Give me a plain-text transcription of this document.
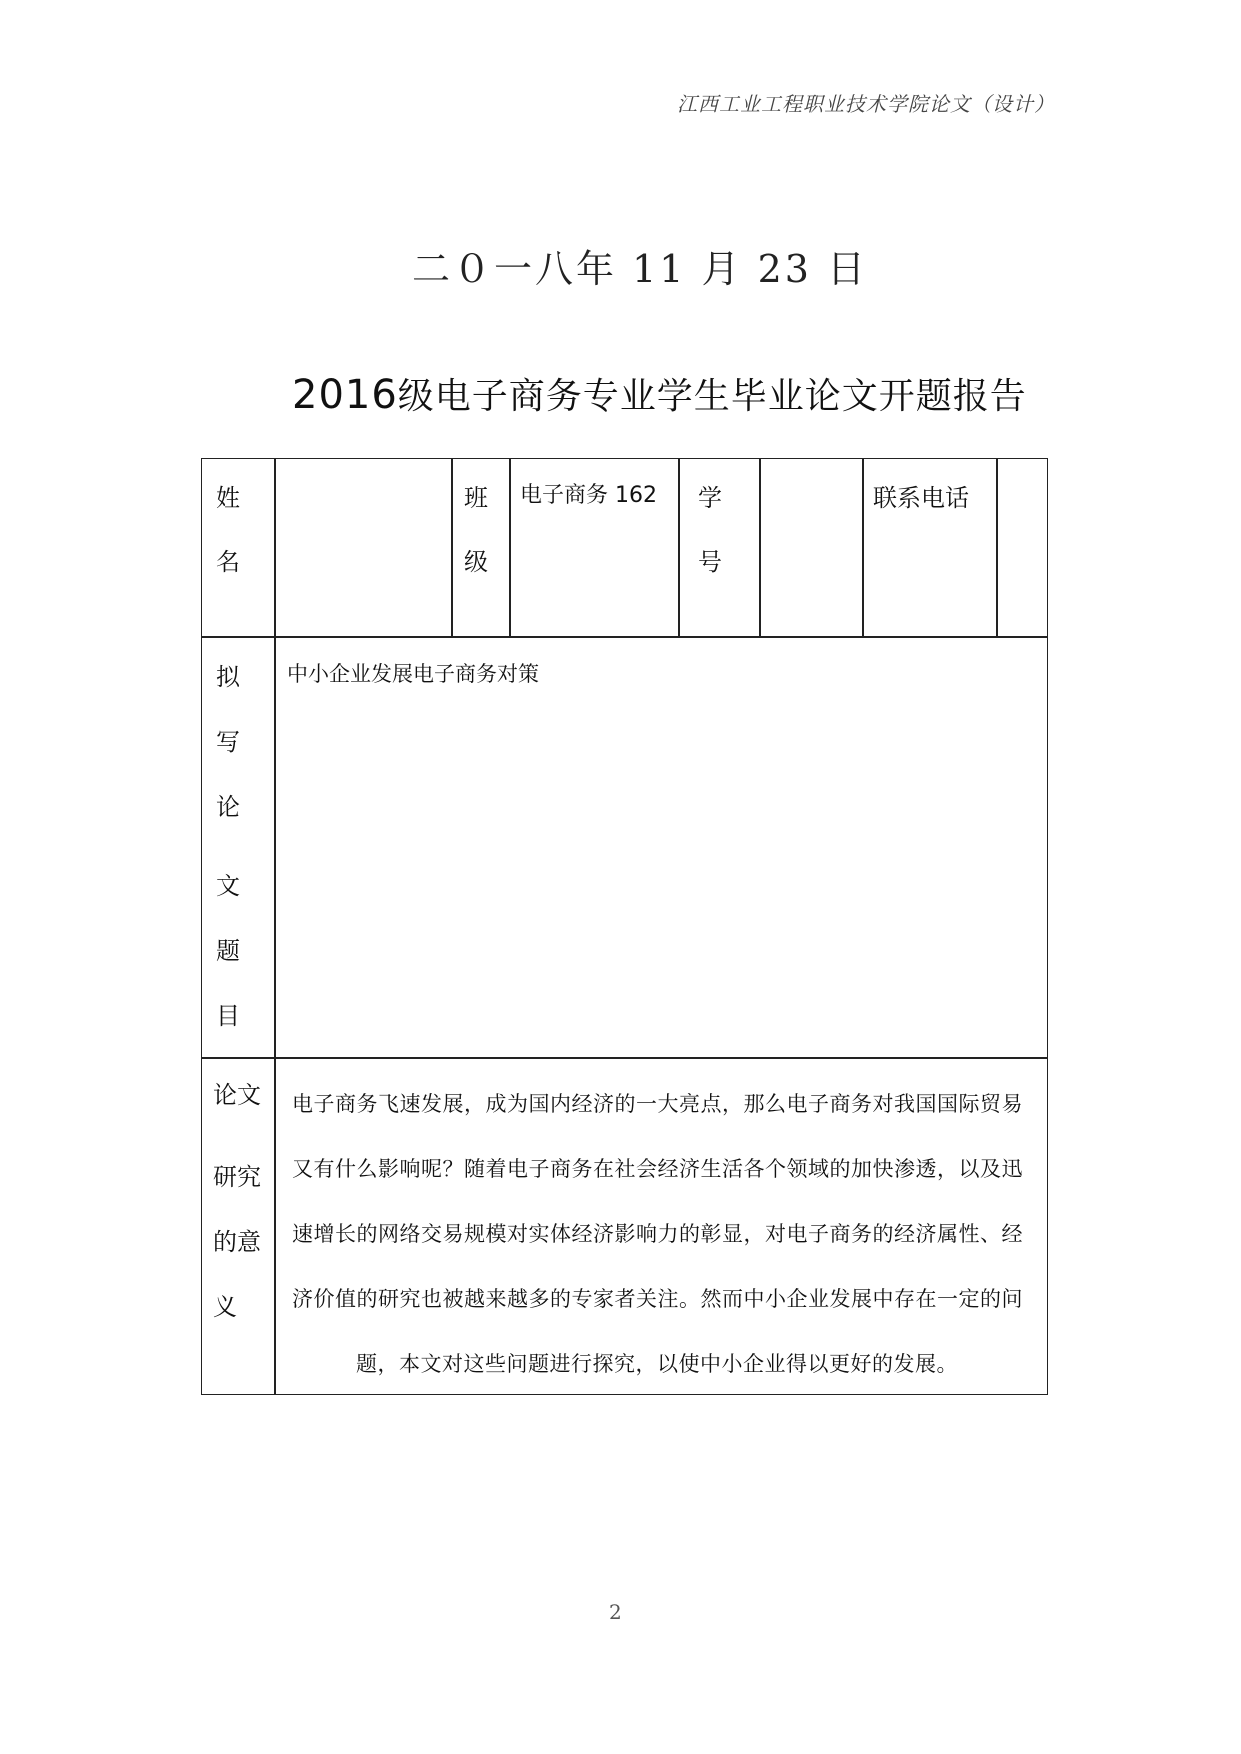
江西工业工程职业技术学院论文（设计）
二０一八年 11 月 23 日
2016级电子商务专业学生毕业论文开题报告
姓
名
班
级
电子商务 162 学
号
联系电话
拟
写
论
文
题
目
中小企业发展电子商务对策
论文
研究
的意
义
电子商务飞速发展，成为国内经济的一大亮点，那么电子商务对我国国际贸易
又有什么影响呢？随着电子商务在社会经济生活各个领域的加快渗透，以及迅
速增长的网络交易规模对实体经济影响力的彰显，对电子商务的经济属性、经
济价值的研究也被越来越多的专家者关注。然而中小企业发展中存在一定的问
题，本文对这些问题进行探究，以使中小企业得以更好的发展。
2
